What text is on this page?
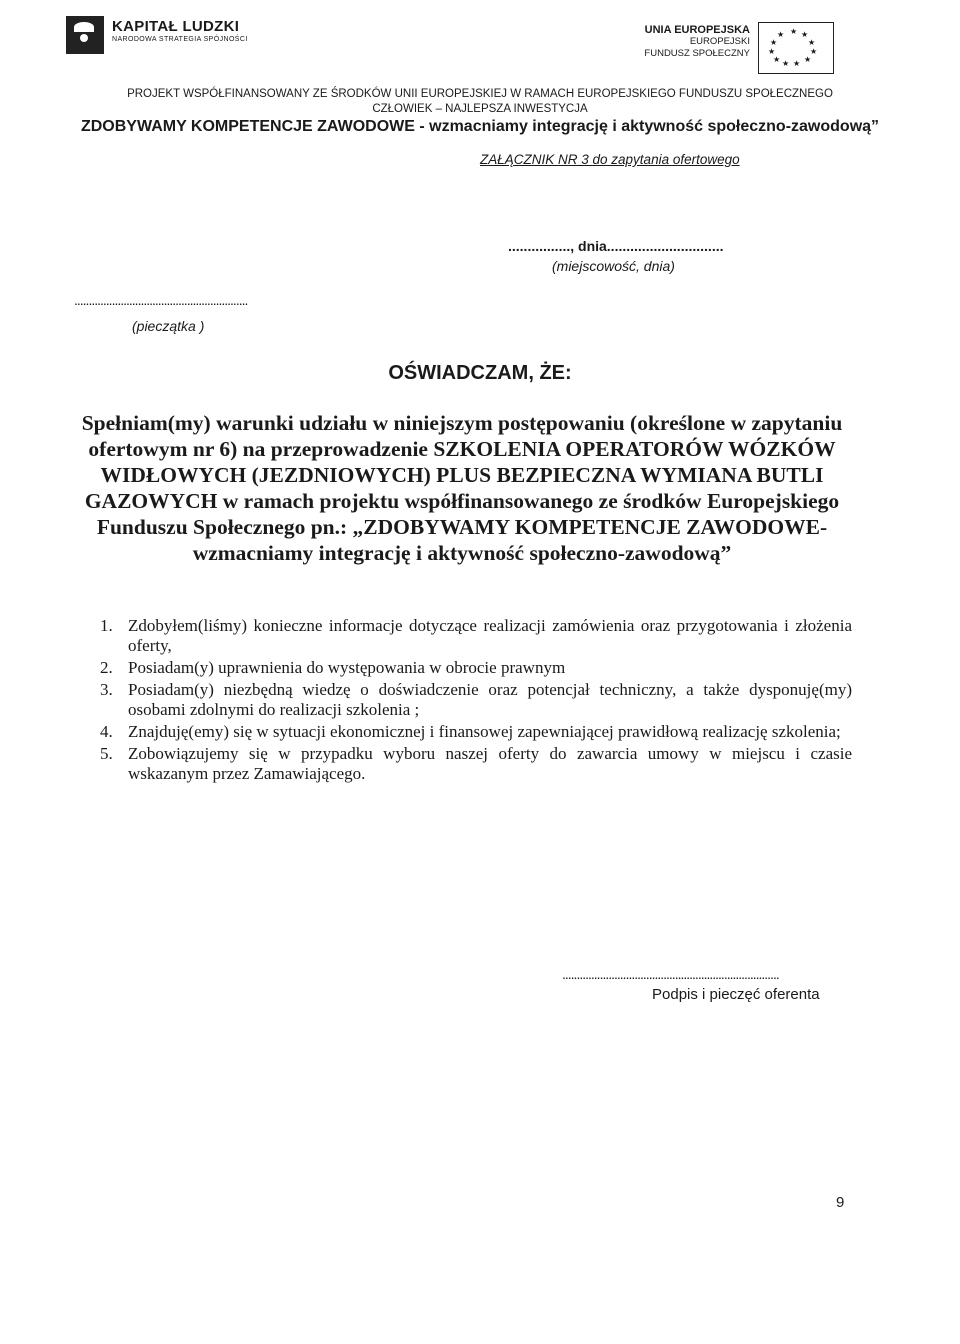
KAPITAŁ LUDZKI
NARODOWA STRATEGIA SPÓJNOŚCI
UNIA EUROPEJSKA
EUROPEJSKI
FUNDUSZ SPOŁECZNY
★ ★
★
★
★
★
★
★
★
★
★
PROJEKT WSPÓŁFINANSOWANY ZE ŚRODKÓW UNII EUROPEJSKIEJ W RAMACH EUROPEJSKIEGO FUNDUSZU SPOŁECZNEGO
CZŁOWIEK – NAJLEPSZA INWESTYCJA
ZDOBYWAMY KOMPETENCJE ZAWODOWE - wzmacniamy integrację i aktywność społeczno-zawodową”
ZAŁĄCZNIK NR 3 do zapytania ofertowego
................, dnia..............................
(miejscowość, dnia)
............................................................
(pieczątka )
OŚWIADCZAM, ŻE:
Spełniam(my) warunki udziału w niniejszym postępowaniu (określone w zapytaniu ofertowym nr 6) na przeprowadzenie SZKOLENIA OPERATORÓW WÓZKÓW WIDŁOWYCH (JEZDNIOWYCH) PLUS BEZPIECZNA WYMIANA BUTLI GAZOWYCH w ramach projektu współfinansowanego ze środków Europejskiego Funduszu Społecznego pn.: „ZDOBYWAMY KOMPETENCJE ZAWODOWE- wzmacniamy integrację i aktywność społeczno-zawodową”
1. Zdobyłem(liśmy) konieczne informacje dotyczące realizacji zamówienia oraz przygotowania i złożenia oferty,
2. Posiadam(y) uprawnienia do występowania w obrocie prawnym
3. Posiadam(y) niezbędną wiedzę o doświadczenie oraz potencjał techniczny, a także dysponuję(my) osobami zdolnymi do realizacji szkolenia ;
4. Znajduję(emy) się w sytuacji ekonomicznej i finansowej zapewniającej prawidłową realizację szkolenia;
5. Zobowiązujemy się w przypadku wyboru naszej oferty do zawarcia umowy w miejscu i czasie wskazanym przez Zamawiającego.
...........................................................................
Podpis i pieczęć oferenta
9
